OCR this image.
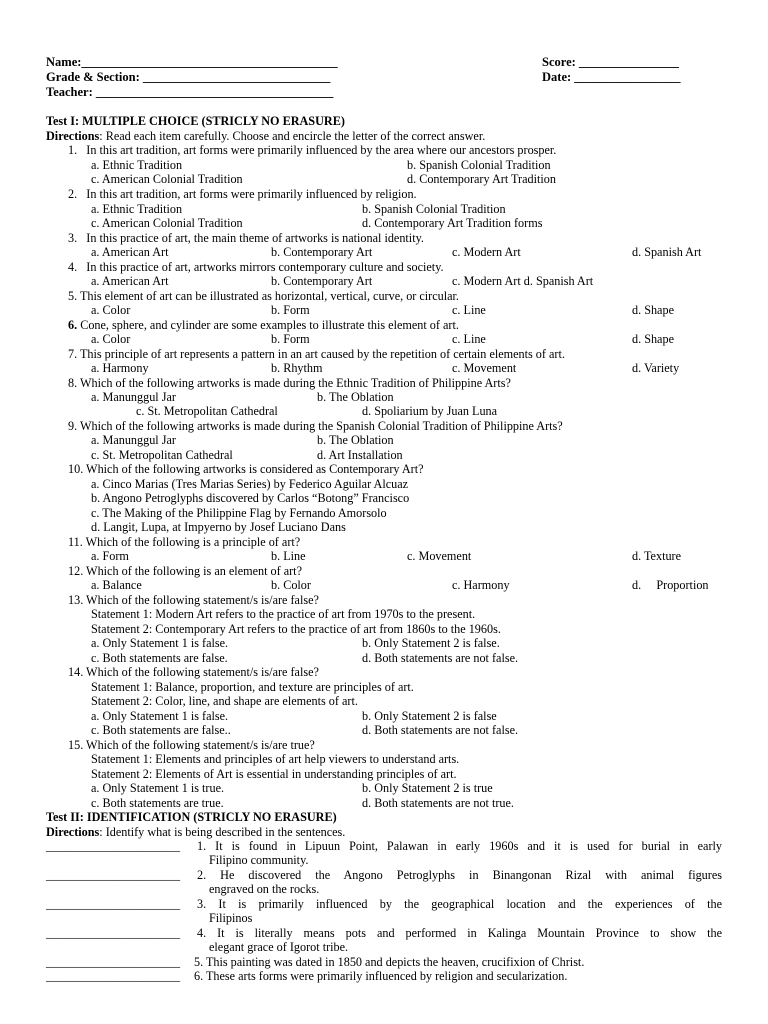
Name:_________________________________________
Grade & Section: ______________________________
Teacher: ______________________________________
Score: ________________
Date: _________________
Test I: MULTIPLE CHOICE (STRICLY NO ERASURE)
Directions: Read each item carefully. Choose and encircle the letter of the correct answer.
1.   In this art tradition, art forms were primarily influenced by the area where our ancestors prosper.
a. Ethnic Tradition	b. Spanish Colonial Tradition
c. American Colonial Tradition	d. Contemporary Art Tradition
2.   In this art tradition, art forms were primarily influenced by religion.
a. Ethnic Tradition	b. Spanish Colonial Tradition
c. American Colonial Tradition	d. Contemporary Art Tradition forms
3.   In this practice of art, the main theme of artworks is national identity.
a. American Art	b. Contemporary Art	c. Modern Art	d. Spanish Art
4.   In this practice of art, artworks mirrors contemporary culture and society.
a. American Art	b. Contemporary Art	c. Modern Art d. Spanish Art
5. This element of art can be illustrated as horizontal, vertical, curve, or circular.
a. Color	b. Form	c. Line	d. Shape
6. Cone, sphere, and cylinder are some examples to illustrate this element of art.
a. Color	b. Form	c. Line	d. Shape
7. This principle of art represents a pattern in an art caused by the repetition of certain elements of art.
a. Harmony	b. Rhythm	c. Movement	d. Variety
8. Which of the following artworks is made during the Ethnic Tradition of Philippine Arts?
a. Manunggul Jar	b. The Oblation
c. St. Metropolitan Cathedral	d. Spoliarium by Juan Luna
9. Which of the following artworks is made during the Spanish Colonial Tradition of Philippine Arts?
a. Manunggul Jar	b. The Oblation
c. St. Metropolitan Cathedral	d. Art Installation
10. Which of the following artworks is considered as Contemporary Art?
a. Cinco Marias (Tres Marias Series) by Federico Aguilar Alcuaz
b. Angono Petroglyphs discovered by Carlos “Botong” Francisco
c. The Making of the Philippine Flag by Fernando Amorsolo
d. Langit, Lupa, at Impyerno by Josef Luciano Dans
11. Which of the following is a principle of art?
a. Form	b. Line	c. Movement	d. Texture
12. Which of the following is an element of art?
a. Balance	b. Color	c. Harmony	d.     Proportion
13. Which of the following statement/s is/are false?
Statement 1: Modern Art refers to the practice of art from 1970s to the present.
Statement 2: Contemporary Art refers to the practice of art from 1860s to the 1960s.
a. Only Statement 1 is false.	b. Only Statement 2 is false.
c. Both statements are false.	d. Both statements are not false.
14. Which of the following statement/s is/are false?
Statement 1: Balance, proportion, and texture are principles of art.
Statement 2: Color, line, and shape are elements of art.
a. Only Statement 1 is false.	b. Only Statement 2 is false
c. Both statements are false..	d. Both statements are not false.
15. Which of the following statement/s is/are true?
Statement 1: Elements and principles of art help viewers to understand arts.
Statement 2: Elements of Art is essential in understanding principles of art.
a. Only Statement 1 is true.	b. Only Statement 2 is true
c. Both statements are true.	d. Both statements are not true.
Test II: IDENTIFICATION (STRICLY NO ERASURE)
Directions: Identify what is being described in the sentences.
______________________ 1. It is found in Lipuun Point, Palawan in early 1960s and it is used for burial in early
Filipino community.
______________________ 2. He discovered the Angono Petroglyphs in Binangonan Rizal with animal figures
engraved on the rocks.
______________________ 3. It is primarily influenced by the geographical location and the experiences of the
Filipinos
______________________ 4. It is literally means pots and performed in Kalinga Mountain Province to show the
elegant grace of Igorot tribe.
______________________ 5. This painting was dated in 1850 and depicts the heaven, crucifixion of Christ.
______________________ 6. These arts forms were primarily influenced by religion and secularization.
